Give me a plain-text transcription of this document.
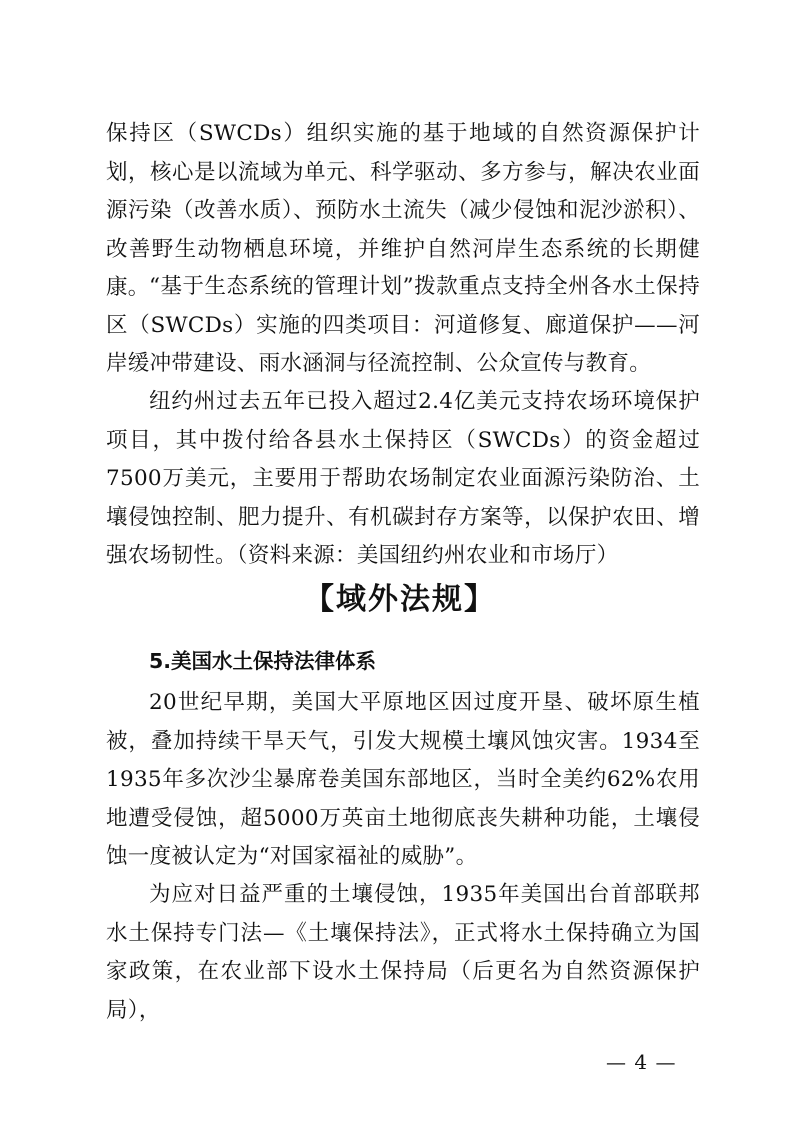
保持区（SWCDs）组织实施的基于地域的自然资源保护计划，核心是以流域为单元、科学驱动、多方参与，解决农业面源污染（改善水质）、预防水土流失（减少侵蚀和泥沙淤积）、改善野生动物栖息环境，并维护自然河岸生态系统的长期健康。 “基于生态系统的管理计划”拨款重点支持全州各水土保持区（SWCDs）实施的四类项目：河道修复、廊道保护——河岸缓冲带建设、雨水涵洞与径流控制、公众宣传与教育。

纽约州过去五年已投入超过2.4亿美元支持农场环境保护项目，其中拨付给各县水土保持区（SWCDs）的资金超过7500万美元，主要用于帮助农场制定农业面源污染防治、土壤侵蚀控制、肥力提升、有机碳封存方案等，以保护农田、增强农场韧性。（资料来源：美国纽约州农业和市场厅）

【域外法规】
5.美国水土保持法律体系

20世纪早期，美国大平原地区因过度开垦、破坏原生植被，叠加持续干旱天气，引发大规模土壤风蚀灾害。1934至1935年多次沙尘暴席卷美国东部地区，当时全美约62%农用地遭受侵蚀，超5000万英亩土地彻底丧失耕种功能，土壤侵蚀一度被认定为“对国家福祉的威胁”。

为应对日益严重的土壤侵蚀，1935年美国出台首部联邦水土保持专门法—《土壤保持法》，正式将水土保持确立为国家政策，在农业部下设水土保持局（后更名为自然资源保护局），

— 4 —
